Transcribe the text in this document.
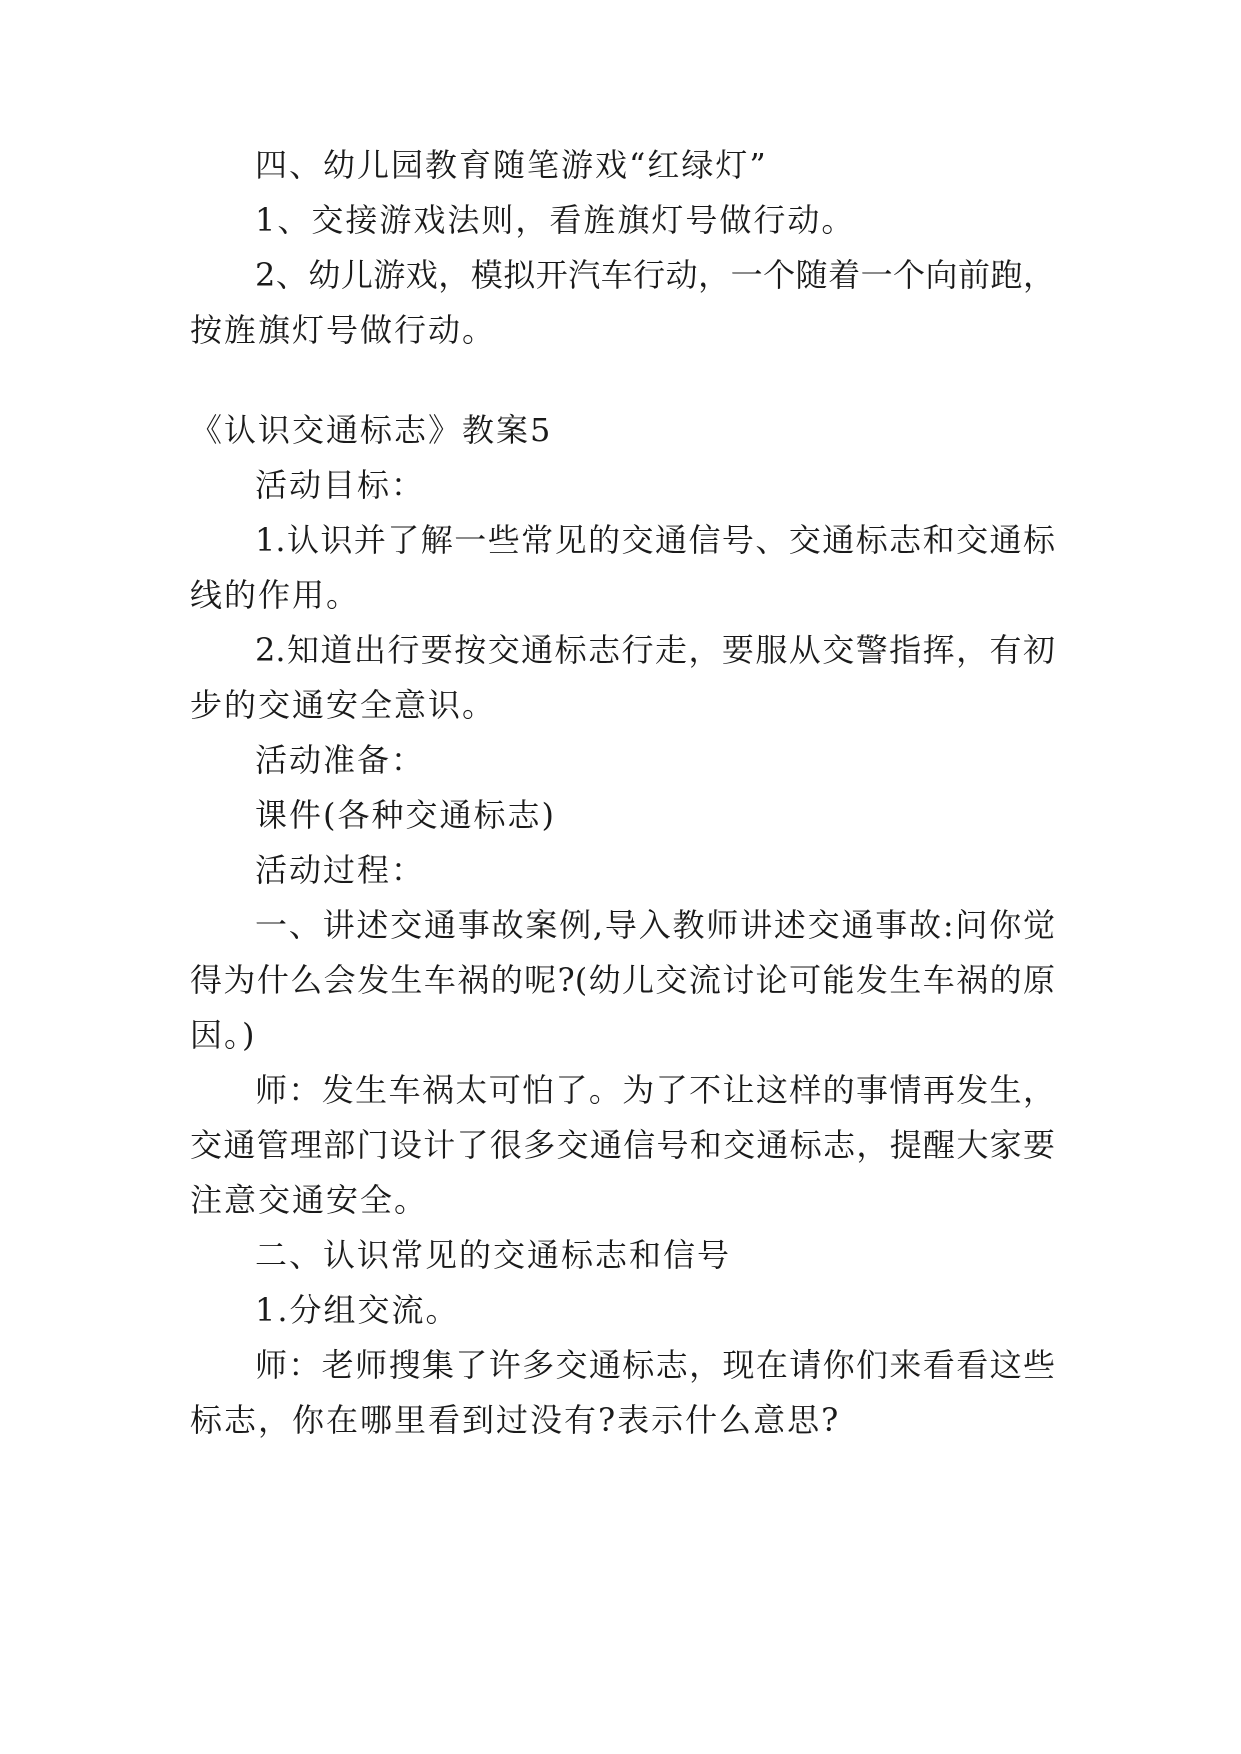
四、幼儿园教育随笔游戏“红绿灯”
1、交接游戏法则，看旌旗灯号做行动。
2、幼儿游戏，模拟开汽车行动，一个随着一个向前跑，
按旌旗灯号做行动。
《认识交通标志》教案5
活动目标：
1.认识并了解一些常见的交通信号、交通标志和交通标
线的作用。
2.知道出行要按交通标志行走，要服从交警指挥，有初
步的交通安全意识。
活动准备：
课件(各种交通标志)
活动过程：
一、讲述交通事故案例,导入教师讲述交通事故:问你觉
得为什么会发生车祸的呢?(幼儿交流讨论可能发生车祸的原
因。)
师：发生车祸太可怕了。为了不让这样的事情再发生，
交通管理部门设计了很多交通信号和交通标志，提醒大家要
注意交通安全。
二、认识常见的交通标志和信号
1.分组交流。
师：老师搜集了许多交通标志，现在请你们来看看这些
标志，你在哪里看到过没有?表示什么意思?
